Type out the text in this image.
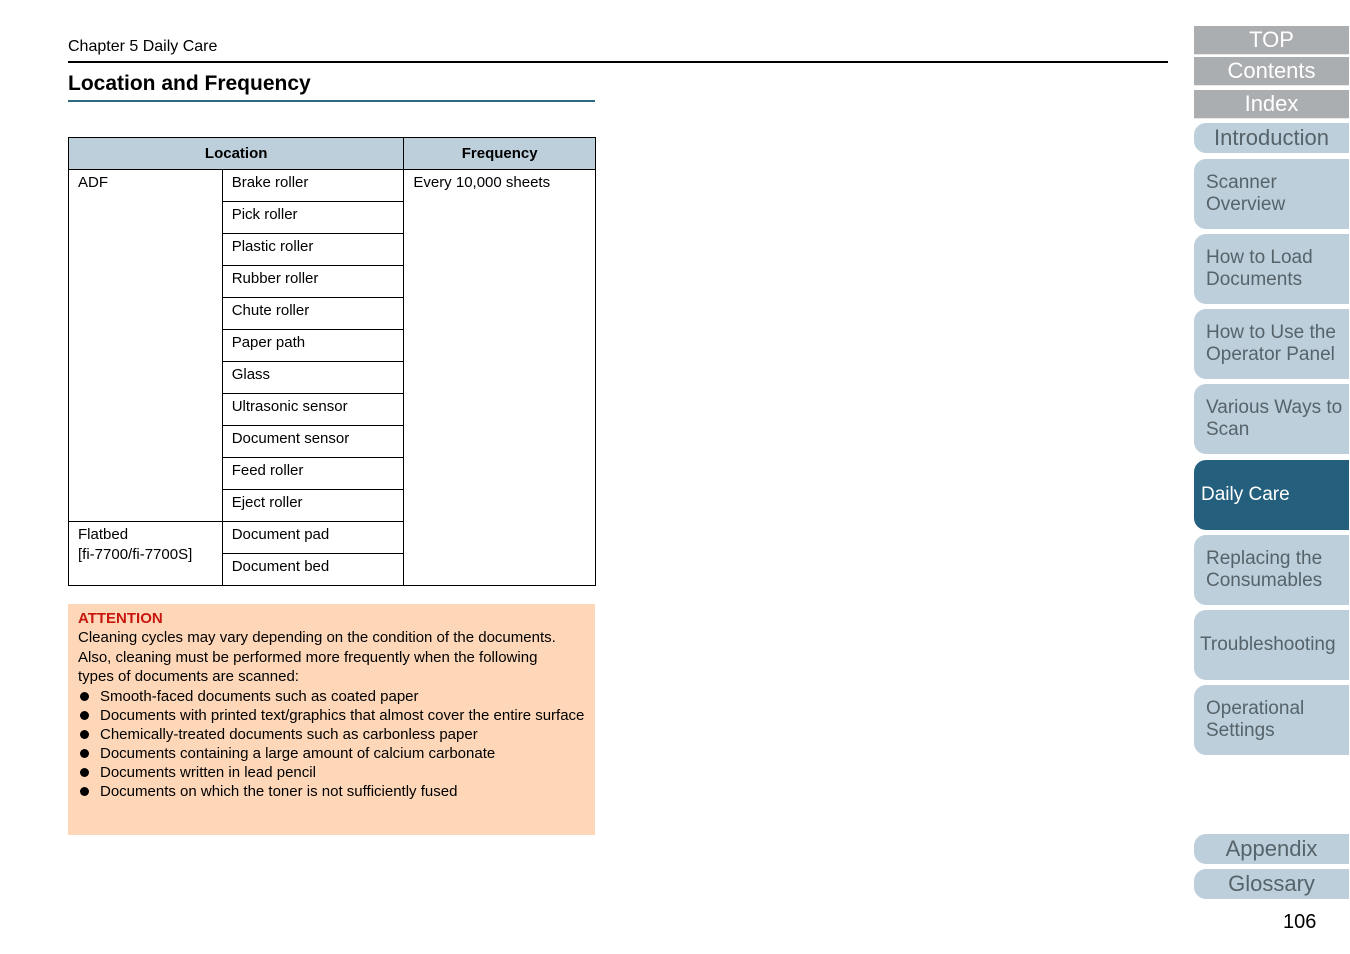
Chapter 5 Daily Care
Location and Frequency
Location		Frequency
ADF	Brake roller	Every 10,000 sheets
	Pick roller	
	Plastic roller	
	Rubber roller	
	Chute roller	
	Paper path	
	Glass	
	Ultrasonic sensor	
	Document sensor	
	Feed roller	
	Eject roller	

Flatbed
[fi-7700/fi-7700S]	Document pad	
	Document bed	
ATTENTION
Cleaning cycles may vary depending on the condition of the documents.
Also, cleaning must be performed more frequently when the following
types of documents are scanned:
Smooth-faced documents such as coated paper
Documents with printed text/graphics that almost cover the entire surface
Chemically-treated documents such as carbonless paper
Documents containing a large amount of calcium carbonate
Documents written in lead pencil
Documents on which the toner is not sufficiently fused
TOP
Contents
Index
Introduction
Scanner
Overview
How to Load
Documents
How to Use the
Operator Panel
Various Ways to
Scan
Daily Care
Replacing the
Consumables
Troubleshooting
Operational
Settings
Appendix
Glossary
106
